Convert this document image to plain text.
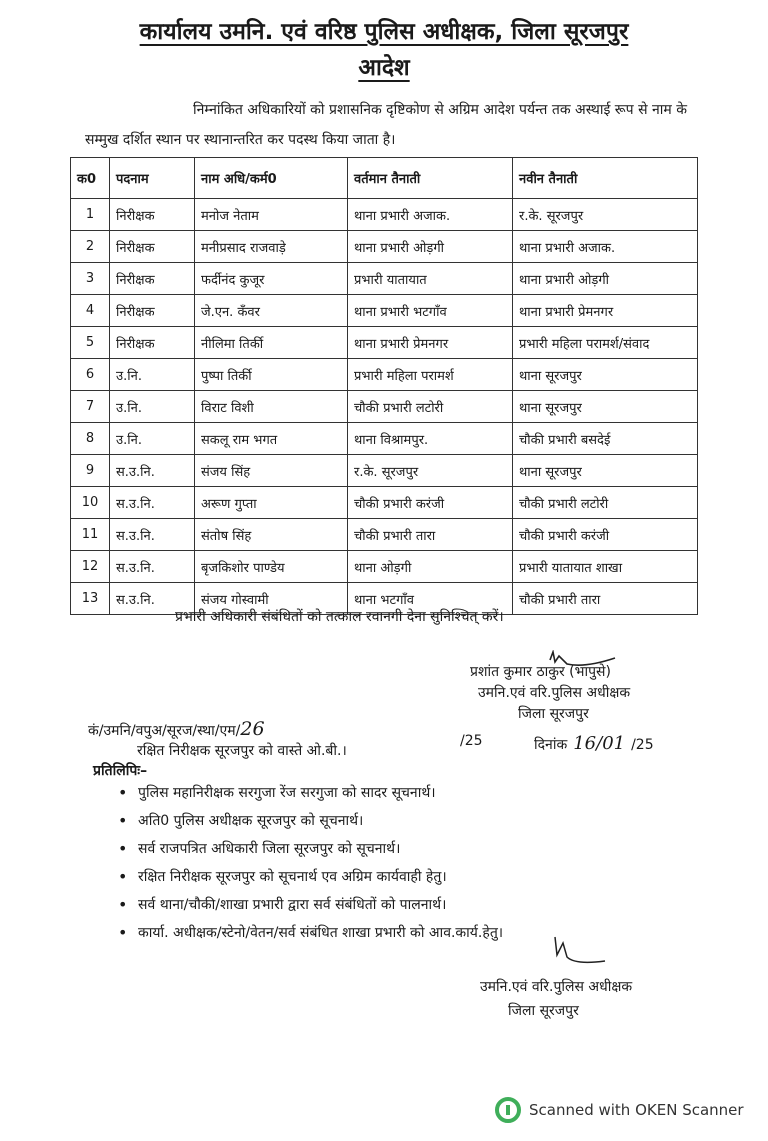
कार्यालय उमनि. एवं वरिष्ठ पुलिस अधीक्षक, जिला सूरजपुर
आदेश
निम्नांकित अधिकारियों को प्रशासनिक दृष्टिकोण से अग्रिम आदेश पर्यन्त तक अस्थाई रूप से नाम के सम्मुख दर्शित स्थान पर स्थानान्तरित कर पदस्थ किया जाता है।
क0	पदनाम	नाम अधि/कर्म0	वर्तमान तैनाती	नवीन तैनाती
1	निरीक्षक	मनोज नेताम	थाना प्रभारी अजाक.	र.के. सूरजपुर
2	निरीक्षक	मनीप्रसाद राजवाड़े	थाना प्रभारी ओड़गी	थाना प्रभारी अजाक.
3	निरीक्षक	फर्दीनंद कुजूर	प्रभारी यातायात	थाना प्रभारी ओड़गी
4	निरीक्षक	जे.एन. कँवर	थाना प्रभारी भटगाँव	थाना प्रभारी प्रेमनगर
5	निरीक्षक	नीलिमा तिर्की	थाना प्रभारी प्रेमनगर	प्रभारी महिला परामर्श/संवाद
6	उ.नि.	पुष्पा तिर्की	प्रभारी महिला परामर्श	थाना सूरजपुर
7	उ.नि.	विराट विशी	चौकी प्रभारी लटोरी	थाना सूरजपुर
8	उ.नि.	सकलू राम भगत	थाना विश्रामपुर.	चौकी प्रभारी बसदेई
9	स.उ.नि.	संजय सिंह	र.के. सूरजपुर	थाना सूरजपुर
10	स.उ.नि.	अरूण गुप्ता	चौकी प्रभारी करंजी	चौकी प्रभारी लटोरी
11	स.उ.नि.	संतोष सिंह	चौकी प्रभारी तारा	चौकी प्रभारी करंजी
12	स.उ.नि.	बृजकिशोर पाण्डेय	थाना ओड़गी	प्रभारी यातायात शाखा
13	स.उ.नि.	संजय गोस्वामी	थाना भटगाँव	चौकी प्रभारी तारा
प्रभारी अधिकारी संबंधितों को तत्काल रवानगी देना सुनिश्चित् करें।
प्रशांत कुमार ठाकुर (भापुसे)
उमनि.एवं वरि.पुलिस अधीक्षक
जिला सूरजपुर
कं/उमनि/वपुअ/सूरज/स्था/एम/26
रक्षित निरीक्षक सूरजपुर को वास्ते ओ.बी.।
/25	दिनांक 16/01 /25
प्रतिलिपिः–
• पुलिस महानिरीक्षक सरगुजा रेंज सरगुजा को सादर सूचनार्थ।
• अति0 पुलिस अधीक्षक सूरजपुर को सूचनार्थ।
• सर्व राजपत्रित अधिकारी जिला सूरजपुर को सूचनार्थ।
• रक्षित निरीक्षक सूरजपुर को सूचनार्थ एव अग्रिम कार्यवाही हेतु।
• सर्व थाना/चौकी/शाखा प्रभारी द्वारा सर्व संबंधितों को पालनार्थ।
• कार्या. अधीक्षक/स्टेनो/वेतन/सर्व संबंधित शाखा प्रभारी को आव.कार्य.हेतु।
उमनि.एवं वरि.पुलिस अधीक्षक
जिला सूरजपुर
Scanned with OKEN Scanner
